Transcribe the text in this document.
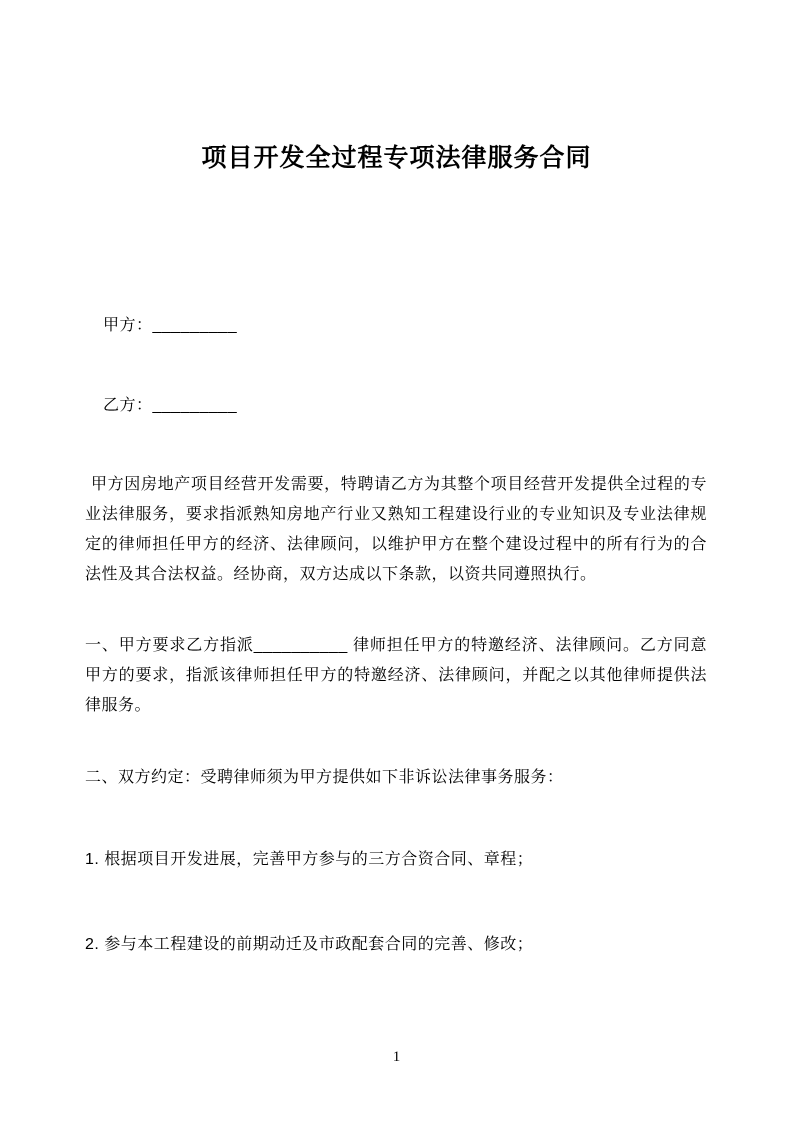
项目开发全过程专项法律服务合同

甲方：_________

乙方：_________

甲方因房地产项目经营开发需要，特聘请乙方为其整个项目经营开发提供全过程的专业法律服务，要求指派熟知房地产行业又熟知工程建设行业的专业知识及专业法律规定的律师担任甲方的经济、法律顾问，以维护甲方在整个建设过程中的所有行为的合法性及其合法权益。经协商，双方达成以下条款，以资共同遵照执行。

一、甲方要求乙方指派__________ 律师担任甲方的特邀经济、法律顾问。乙方同意甲方的要求，指派该律师担任甲方的特邀经济、法律顾问，并配之以其他律师提供法律服务。

二、双方约定：受聘律师须为甲方提供如下非诉讼法律事务服务：

1. 根据项目开发进展，完善甲方参与的三方合资合同、章程；

2. 参与本工程建设的前期动迁及市政配套合同的完善、修改；

1
